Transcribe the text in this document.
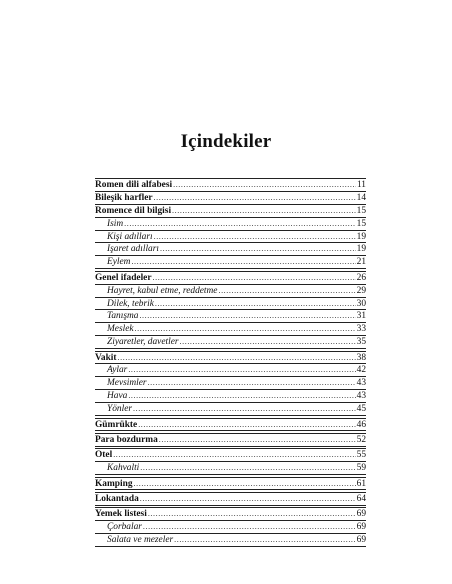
Içindekiler
Romen dili alfabesi .....	11
Bileşik harfler .....	14
Romence dil bilgisi .....	15
Isim .....	15
Kişi adılları .....	19
Işaret adılları .....	19
Eylem .....	21
Genel ifadeler .....	26
Hayret, kabul etme, reddetme .....	29
Dilek, tebrik .....	30
Tanışma .....	31
Meslek .....	33
Ziyaretler, davetler .....	35
Vakit .....	38
Aylar .....	42
Mevsimler .....	43
Hava .....	43
Yönler .....	45
Gümrükte .....	46
Para bozdurma .....	52
Otel .....	55
Kahvalti .....	59
Kamping .....	61
Lokantada .....	64
Yemek listesi .....	69
Çorbalar .....	69
Salata ve mezeler .....	69
